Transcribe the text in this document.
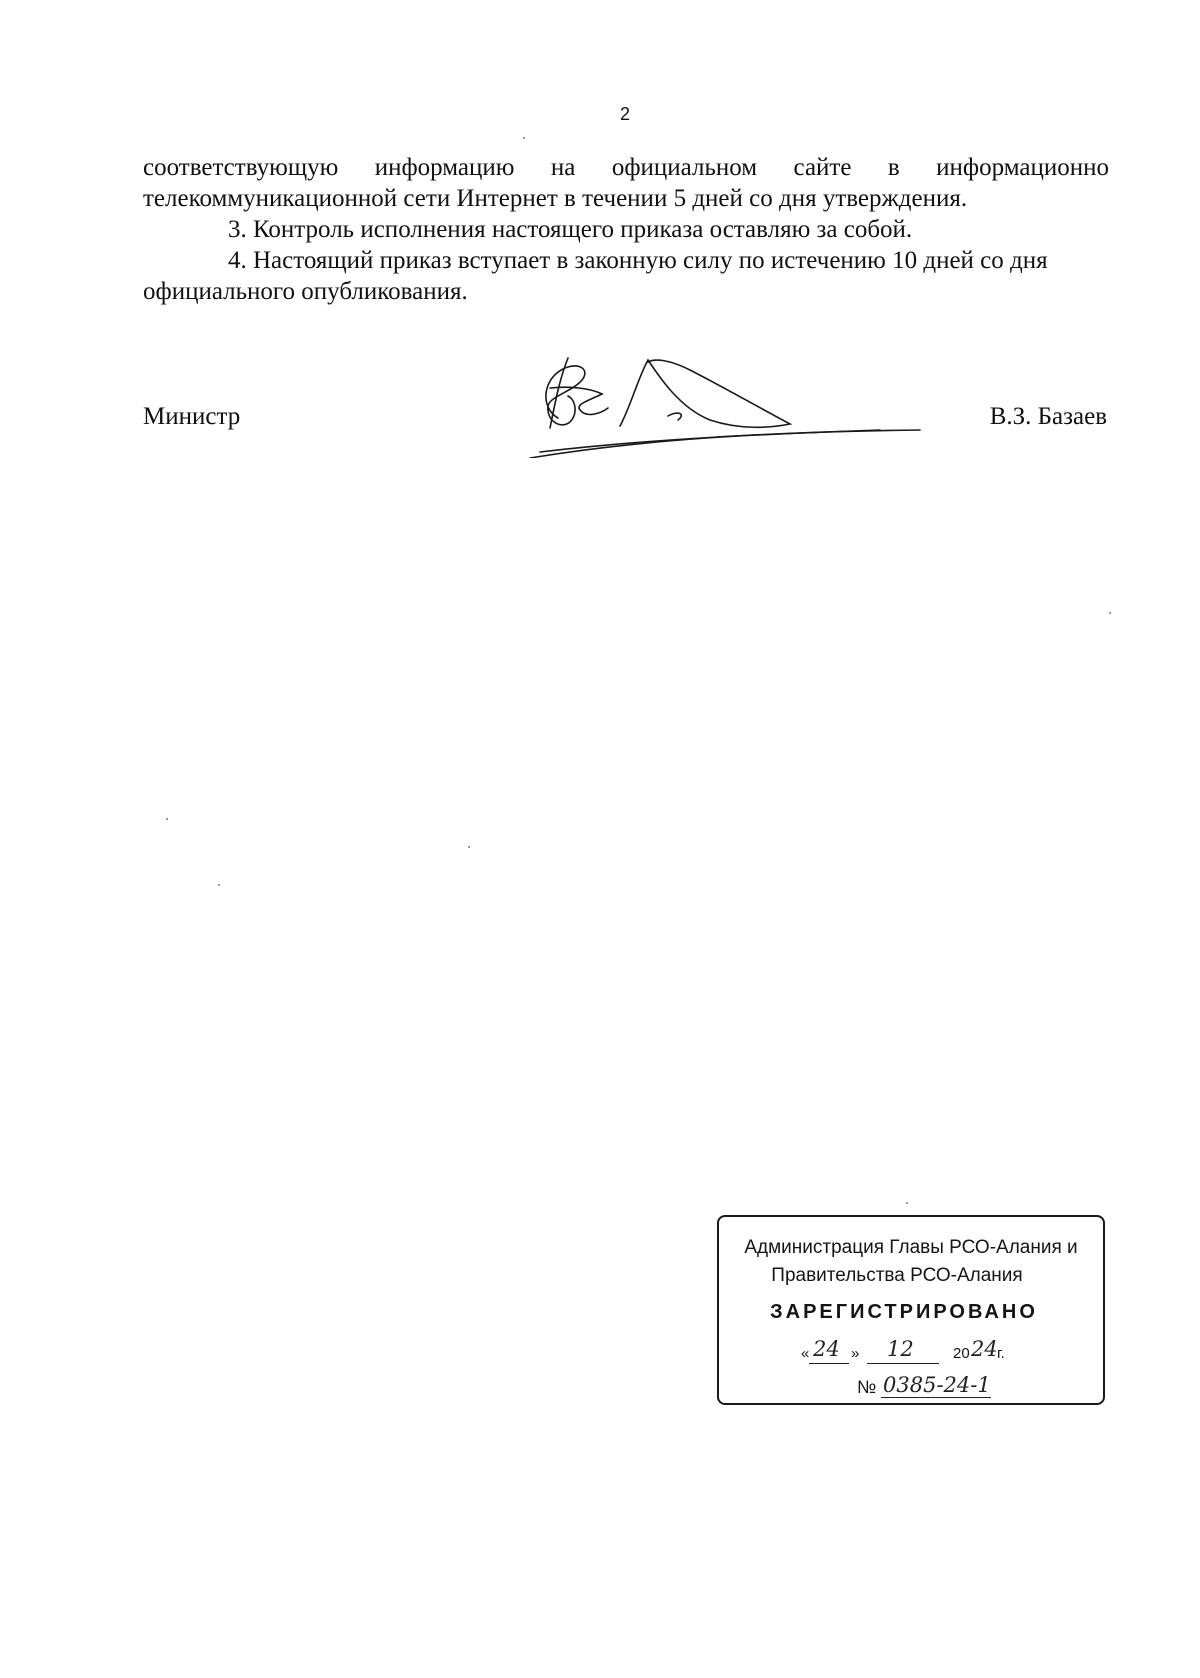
2

соответствующую информацию на официальном сайте в информационно

телекоммуникационной сети Интернет в течении 5 дней со дня утверждения.

3. Контроль исполнения настоящего приказа оставляю за собой.

4. Настоящий приказ вступает в законную силу по истечению 10 дней со дня официального опубликования.

Министр	В.З. Базаев
Администрация Главы РСО-Алания и
Правительства РСО-Алания
ЗАРЕГИСТРИРОВАНО
« 24 » 12	20 24 г.
№ 0385-24-1
